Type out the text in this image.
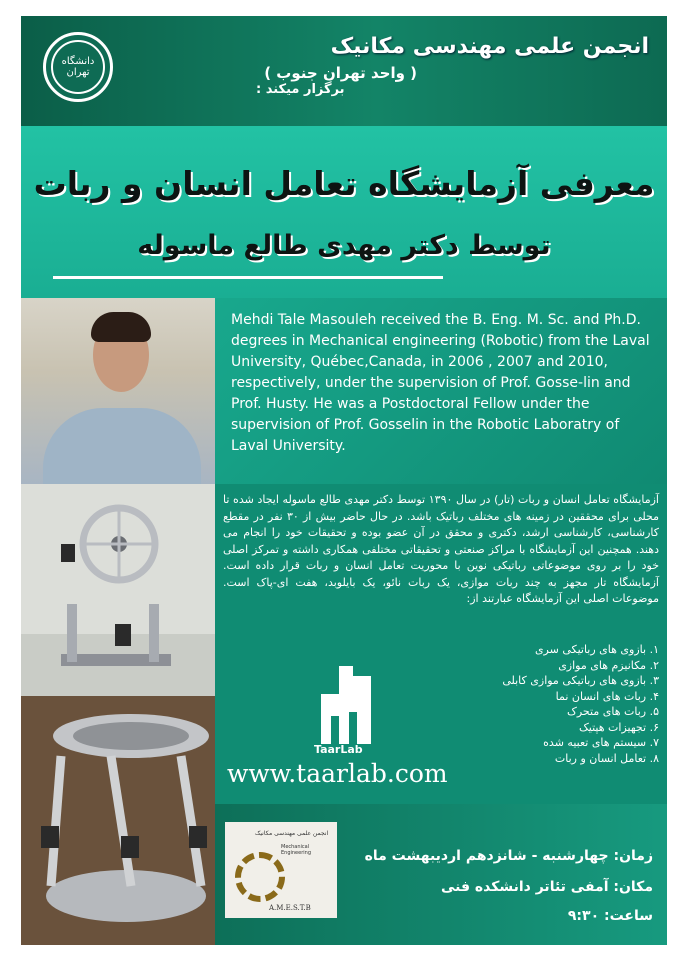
دانشگاه تهران
انجمن علمی مهندسی مکانیک
( واحد تهران جنوب )
برگزار میکند :
معرفی آزمایشگاه تعامل انسان و ربات
توسط دکتر مهدی طالع ماسوله
Mehdi Tale Masouleh received the B. Eng. M. Sc. and Ph.D. degrees in Mechanical engineering (Robotic) from the Laval University, Québec,Canada, in 2006 , 2007 and 2010, respectively, under the supervision of Prof. Gosse-lin and Prof. Husty. He was a Postdoctoral Fellow under the supervision of Prof. Gosselin in the Robotic Laboratry of Laval University.
آزمایشگاه تعامل انسان و ربات (تار) در سال ۱۳۹۰ توسط دکتر مهدی طالع ماسوله ایجاد شده تا محلی برای محققین در زمینه های مختلف رباتیک باشد. در حال حاضر بیش از ۳۰ نفر در مقطع کارشناسی، کارشناسی ارشد، دکتری و محقق در آن عضو بوده و تحقیقات خود را انجام می دهند. همچنین این آزمایشگاه با مراکز صنعتی و تحقیقاتی مختلفی همکاری داشته و تمرکز اصلی خود را بر روی موضوعاتی رباتیکی نوین با محوریت تعامل انسان و ربات قرار داده است. آزمایشگاه تار مجهز به چند ربات موازی، یک ربات نائو، یک بایلوبد، هفت ای-پاک است. موضوعات اصلی این آزمایشگاه عبارتند از:
۱. بازوی های رباتیکی سری
۲. مکانیزم های موازی
۳. بازوی های رباتیکی موازی کابلی
۴. ربات های انسان نما
۵. ربات های متحرک
۶. تجهیزات هپتیک
۷. سیستم های تعبیه شده
۸. تعامل انسان و ربات
TaarLab
www.taarlab.com
انجمن علمی مهندسی مکانیک
Mechanical Engineering
A.M.E.S.T.B
زمان: چهارشنبه - شانزدهم اردیبهشت ماه
مکان: آمفی تئاتر دانشکده فنی
ساعت: ۹:۳۰
